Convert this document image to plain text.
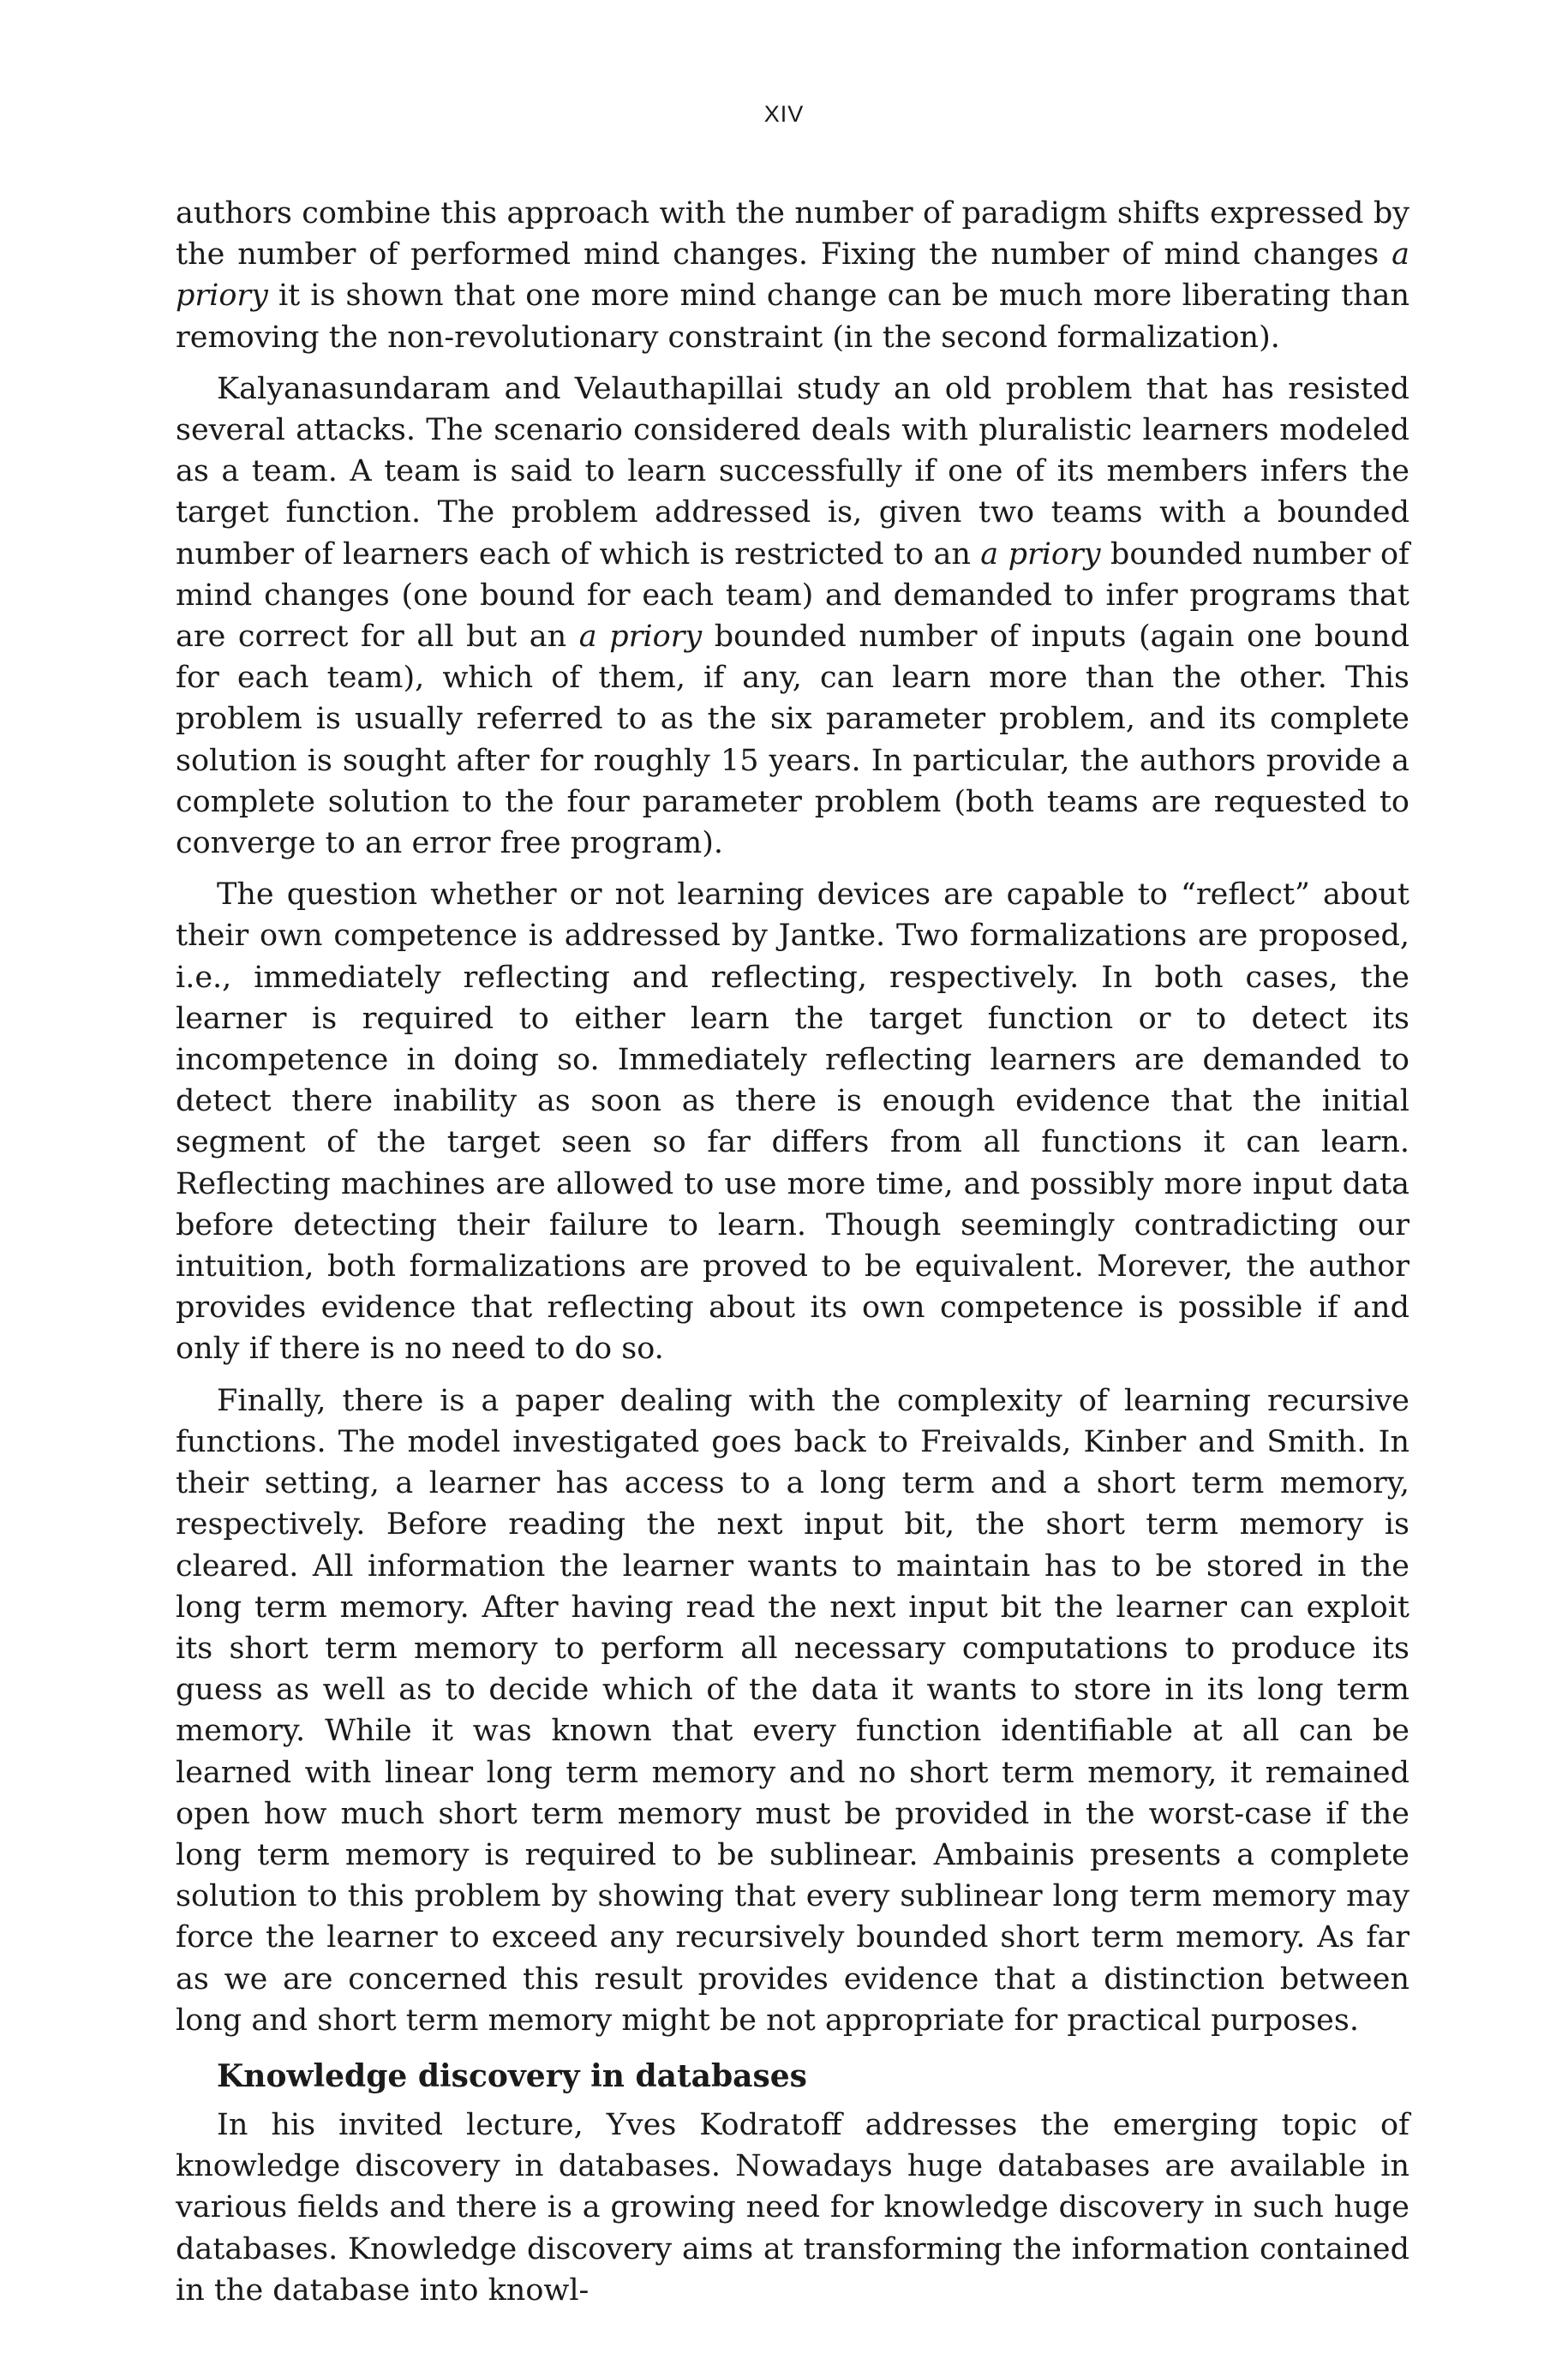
XIV

authors combine this approach with the number of paradigm shifts expressed by the number of performed mind changes. Fixing the number of mind changes a priory it is shown that one more mind change can be much more liberating than removing the non-revolutionary constraint (in the second formalization).

Kalyanasundaram and Velauthapillai study an old problem that has resisted several attacks. The scenario considered deals with pluralistic learners modeled as a team. A team is said to learn successfully if one of its members infers the target function. The problem addressed is, given two teams with a bounded number of learners each of which is restricted to an a priory bounded number of mind changes (one bound for each team) and demanded to infer programs that are correct for all but an a priory bounded number of inputs (again one bound for each team), which of them, if any, can learn more than the other. This problem is usually referred to as the six parameter problem, and its complete solution is sought after for roughly 15 years. In particular, the authors provide a complete solution to the four parameter problem (both teams are requested to converge to an error free program).

The question whether or not learning devices are capable to “reflect” about their own competence is addressed by Jantke. Two formalizations are proposed, i.e., immediately reflecting and reflecting, respectively. In both cases, the learner is required to either learn the target function or to detect its incompetence in doing so. Immediately reflecting learners are demanded to detect there inability as soon as there is enough evidence that the initial segment of the target seen so far differs from all functions it can learn. Reflecting machines are allowed to use more time, and possibly more input data before detecting their failure to learn. Though seemingly contradicting our intuition, both formalizations are proved to be equivalent. Morever, the author provides evidence that reflecting about its own competence is possible if and only if there is no need to do so.

Finally, there is a paper dealing with the complexity of learning recursive functions. The model investigated goes back to Freivalds, Kinber and Smith. In their setting, a learner has access to a long term and a short term memory, respectively. Before reading the next input bit, the short term memory is cleared. All information the learner wants to maintain has to be stored in the long term memory. After having read the next input bit the learner can exploit its short term memory to perform all necessary computations to produce its guess as well as to decide which of the data it wants to store in its long term memory. While it was known that every function identifiable at all can be learned with linear long term memory and no short term memory, it remained open how much short term memory must be provided in the worst-case if the long term memory is required to be sublinear. Ambainis presents a complete solution to this problem by showing that every sublinear long term memory may force the learner to exceed any recursively bounded short term memory. As far as we are concerned this result provides evidence that a distinction between long and short term memory might be not appropriate for practical purposes.

Knowledge discovery in databases

In his invited lecture, Yves Kodratoff addresses the emerging topic of knowledge discovery in databases. Nowadays huge databases are available in various fields and there is a growing need for knowledge discovery in such huge databases. Knowledge discovery aims at transforming the information contained in the database into knowl-
